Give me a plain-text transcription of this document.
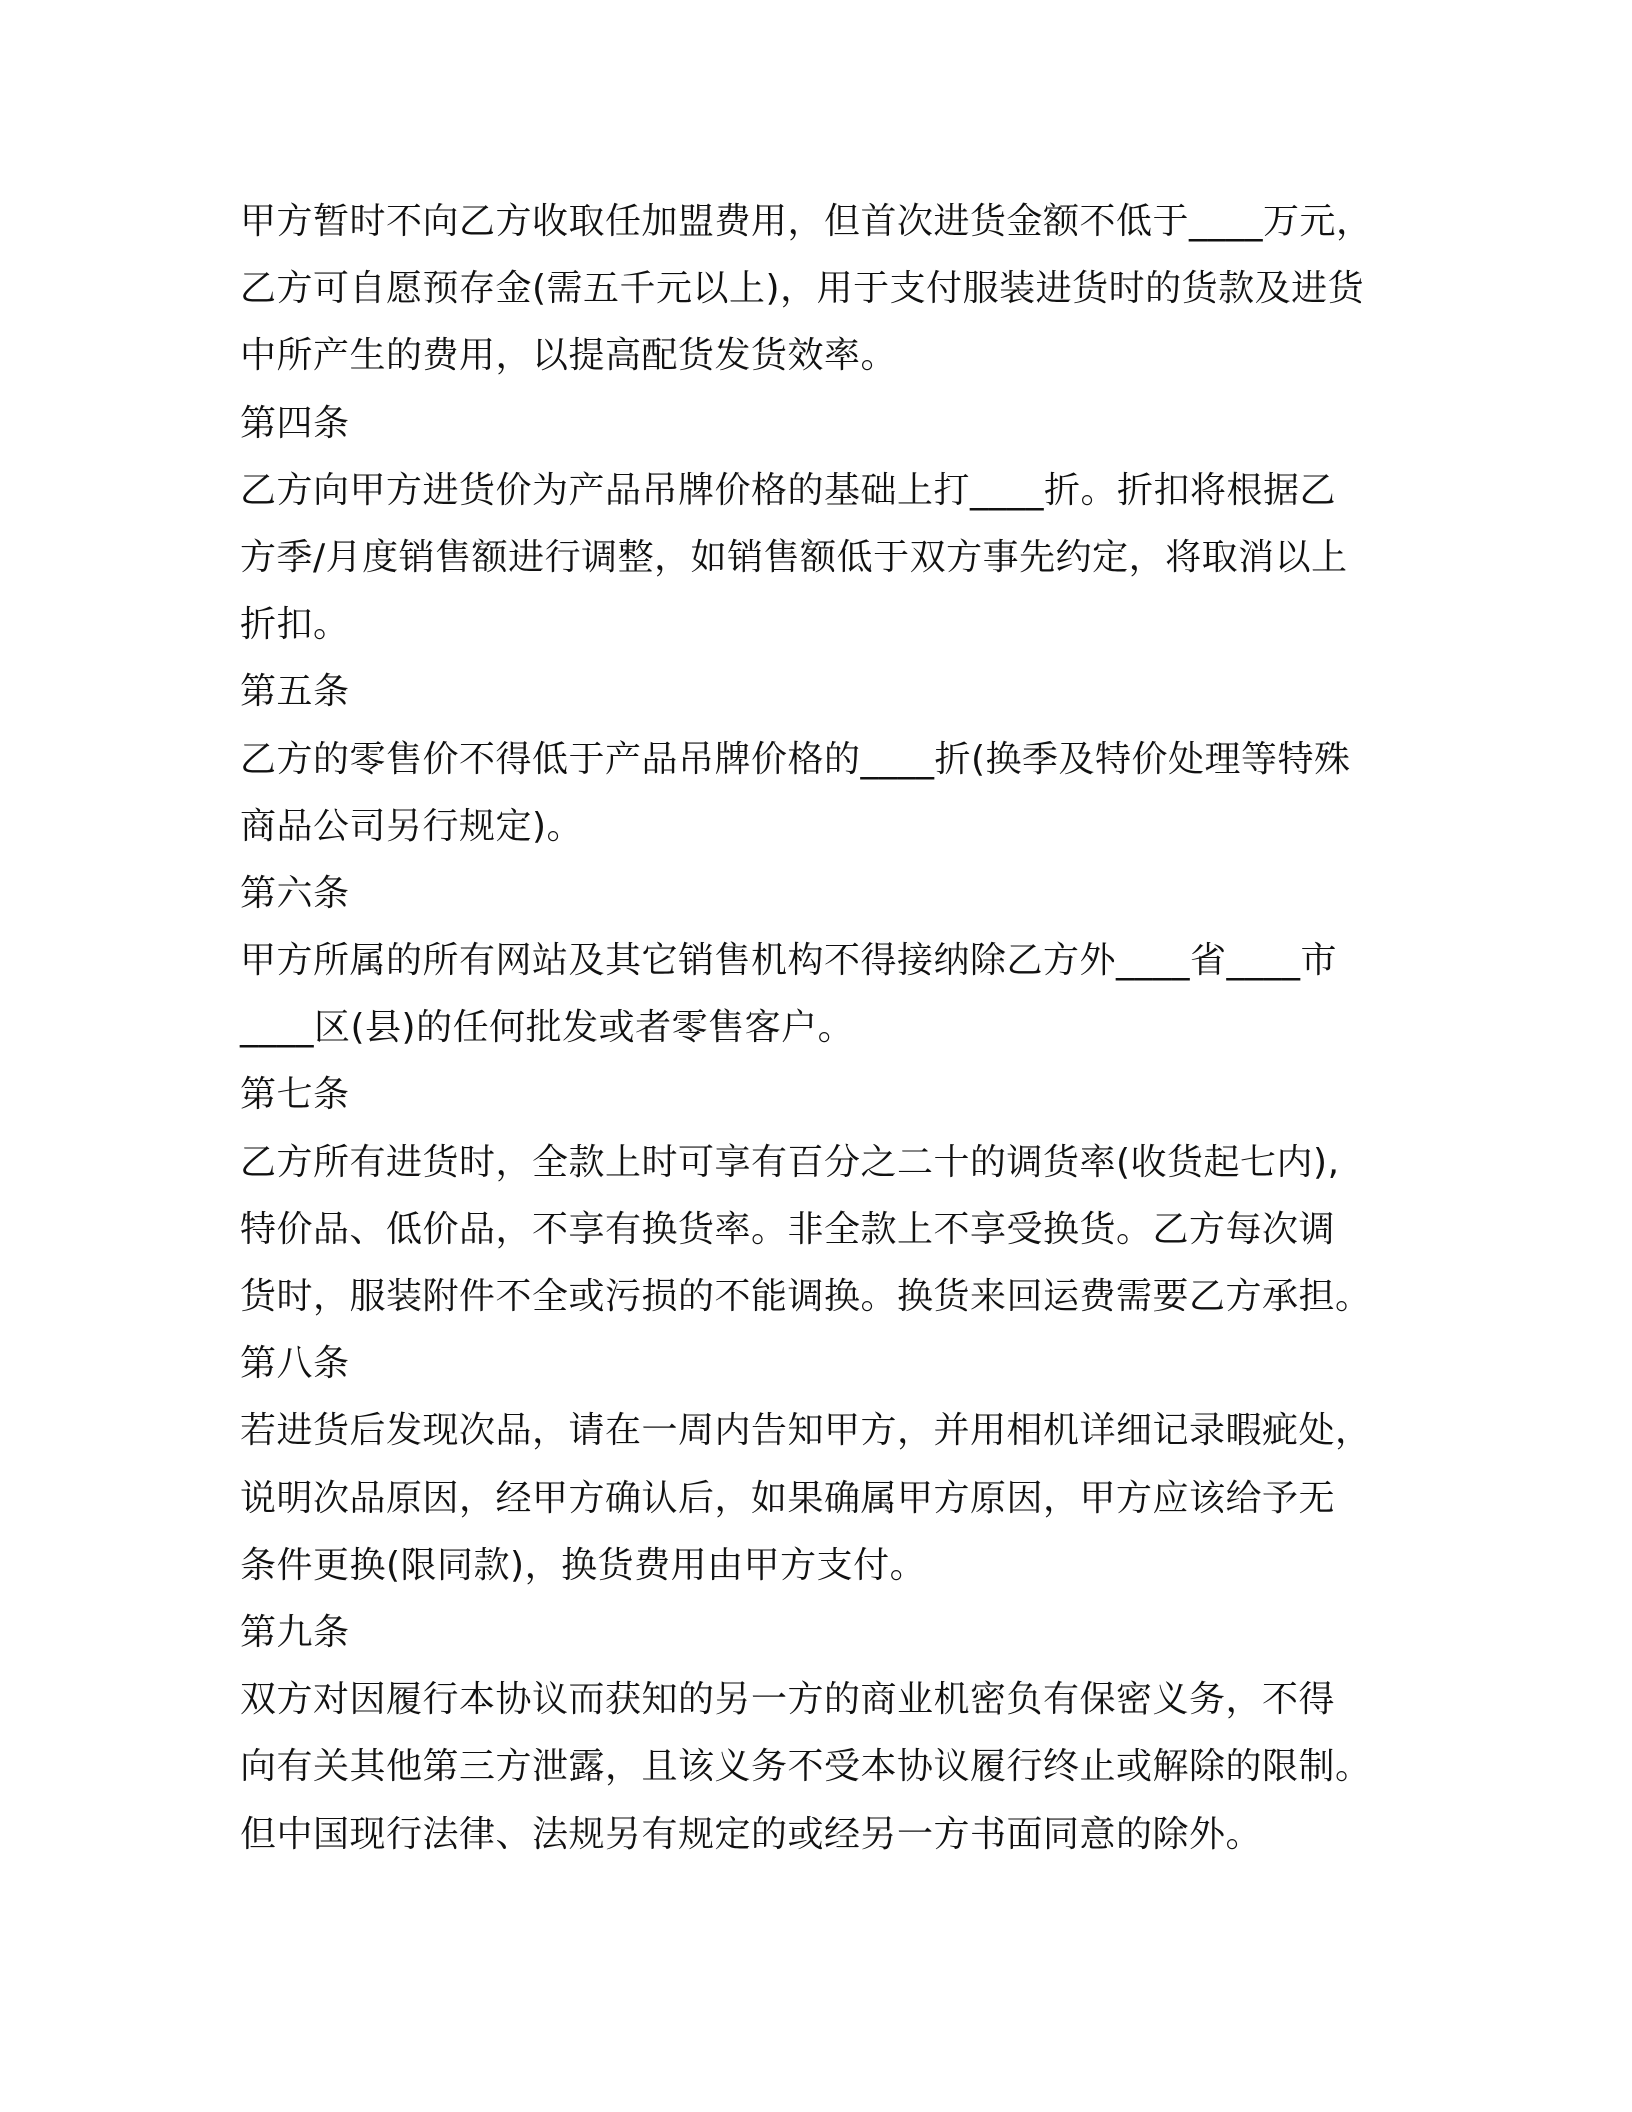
甲方暂时不向乙方收取任加盟费用，但首次进货金额不低于____万元，
乙方可自愿预存金(需五千元以上)，用于支付服装进货时的货款及进货
中所产生的费用，以提高配货发货效率。
第四条
乙方向甲方进货价为产品吊牌价格的基础上打____折。折扣将根据乙
方季/月度销售额进行调整，如销售额低于双方事先约定，将取消以上
折扣。
第五条
乙方的零售价不得低于产品吊牌价格的____折(换季及特价处理等特殊
商品公司另行规定)。
第六条
甲方所属的所有网站及其它销售机构不得接纳除乙方外____省____市
____区(县)的任何批发或者零售客户。
第七条
乙方所有进货时，全款上时可享有百分之二十的调货率(收货起七内),
特价品、低价品，不享有换货率。非全款上不享受换货。乙方每次调
货时，服装附件不全或污损的不能调换。换货来回运费需要乙方承担。
第八条
若进货后发现次品，请在一周内告知甲方，并用相机详细记录暇疵处，
说明次品原因，经甲方确认后，如果确属甲方原因，甲方应该给予无
条件更换(限同款)，换货费用由甲方支付。
第九条
双方对因履行本协议而获知的另一方的商业机密负有保密义务，不得
向有关其他第三方泄露，且该义务不受本协议履行终止或解除的限制。
但中国现行法律、法规另有规定的或经另一方书面同意的除外。
